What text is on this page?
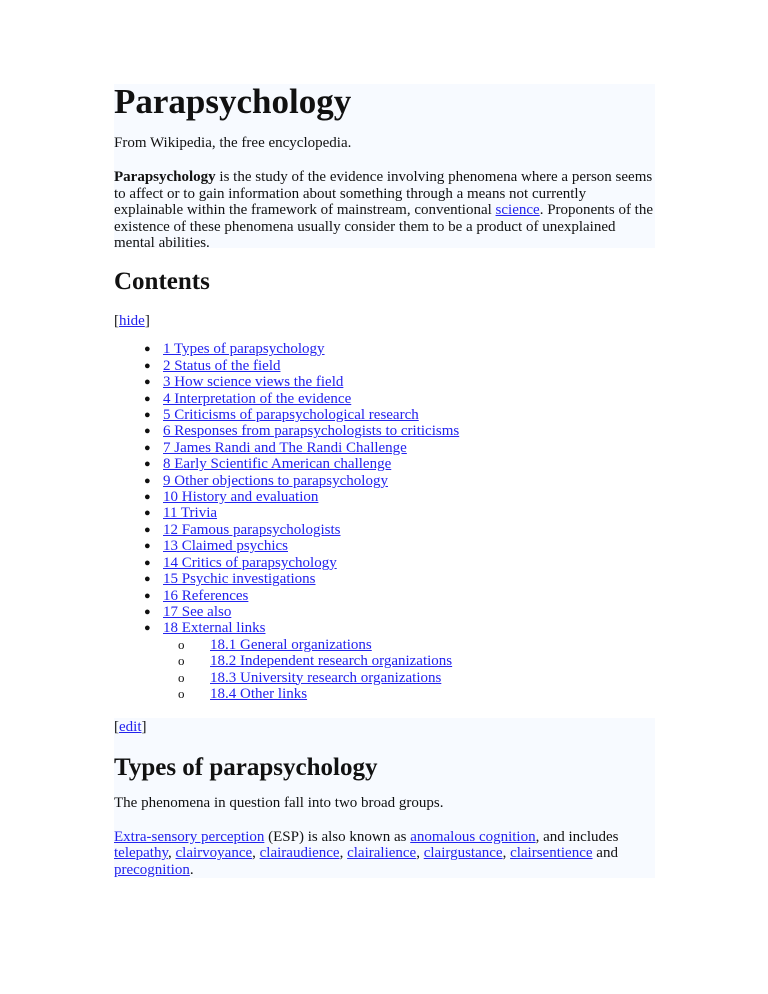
Parapsychology

From Wikipedia, the free encyclopedia.

Parapsychology is the study of the evidence involving phenomena where a person seems to affect or to gain information about something through a means not currently explainable within the framework of mainstream, conventional science. Proponents of the existence of these phenomena usually consider them to be a product of unexplained mental abilities.

Contents

[hide]

● 1 Types of parapsychology
● 2 Status of the field
● 3 How science views the field
● 4 Interpretation of the evidence
● 5 Criticisms of parapsychological research
● 6 Responses from parapsychologists to criticisms
● 7 James Randi and The Randi Challenge
● 8 Early Scientific American challenge
● 9 Other objections to parapsychology
● 10 History and evaluation
● 11 Trivia
● 12 Famous parapsychologists
● 13 Claimed psychics
● 14 Critics of parapsychology
● 15 Psychic investigations
● 16 References
● 17 See also
● 18 External links
o 18.1 General organizations
o 18.2 Independent research organizations
o 18.3 University research organizations
o 18.4 Other links

[edit]

Types of parapsychology

The phenomena in question fall into two broad groups.

Extra-sensory perception (ESP) is also known as anomalous cognition, and includes telepathy, clairvoyance, clairaudience, clairalience, clairgustance, clairsentience and precognition.
